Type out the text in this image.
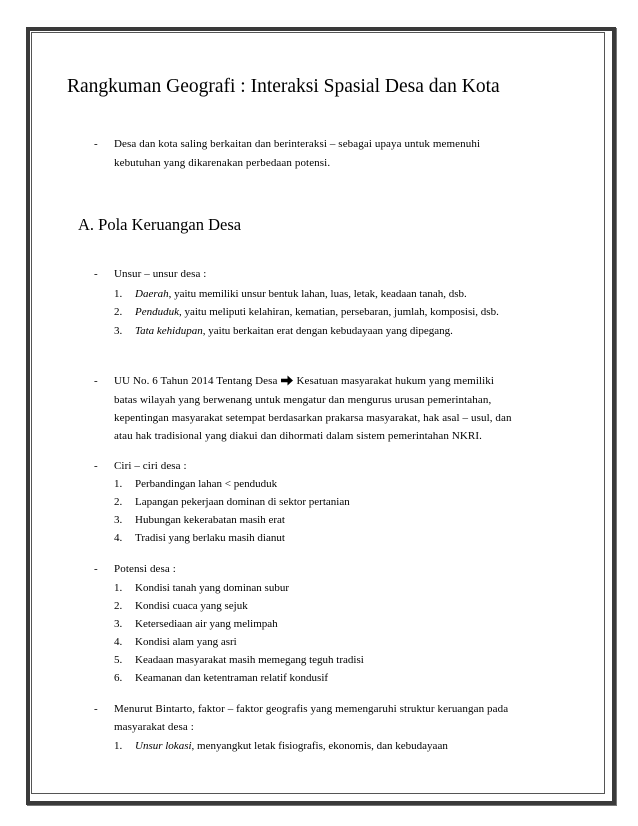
Rangkuman Geografi : Interaksi Spasial Desa dan Kota
- Desa dan kota saling berkaitan dan berinteraksi – sebagai upaya untuk memenuhi
kebutuhan yang dikarenakan perbedaan potensi.
A. Pola Keruangan Desa
- Unsur – unsur desa :
1. Daerah, yaitu memiliki unsur bentuk lahan, luas, letak, keadaan tanah, dsb.
2. Penduduk, yaitu meliputi kelahiran, kematian, persebaran, jumlah, komposisi, dsb.
3. Tata kehidupan, yaitu berkaitan erat dengan kebudayaan yang dipegang.
- UU No. 6 Tahun 2014 Tentang Desa Kesatuan masyarakat hukum yang memiliki
batas wilayah yang berwenang untuk mengatur dan mengurus urusan pemerintahan,
kepentingan masyarakat setempat berdasarkan prakarsa masyarakat, hak asal – usul, dan
atau hak tradisional yang diakui dan dihormati dalam sistem pemerintahan NKRI.
- Ciri – ciri desa :
1. Perbandingan lahan < penduduk
2. Lapangan pekerjaan dominan di sektor pertanian
3. Hubungan kekerabatan masih erat
4. Tradisi yang berlaku masih dianut
- Potensi desa :
1. Kondisi tanah yang dominan subur
2. Kondisi cuaca yang sejuk
3. Ketersediaan air yang melimpah
4. Kondisi alam yang asri
5. Keadaan masyarakat masih memegang teguh tradisi
6. Keamanan dan ketentraman relatif kondusif
- Menurut Bintarto, faktor – faktor geografis yang memengaruhi struktur keruangan pada
masyarakat desa :
1. Unsur lokasi, menyangkut letak fisiografis, ekonomis, dan kebudayaan
